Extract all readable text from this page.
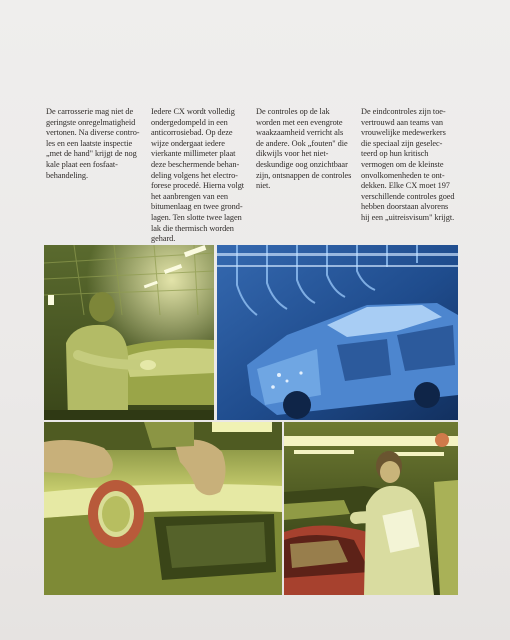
De carrosserie mag niet de
geringste onregelmatigheid
vertonen. Na diverse contro-
les en een laatste inspectie
„met de hand" krijgt de nog
kale plaat een fosfaat-
behandeling.
Iedere CX wordt volledig
ondergedompeld in een
anticorrosiebad. Op deze
wijze ondergaat iedere
vierkante millimeter plaat
deze beschermende behan-
deling volgens het electro-
forese procedé. Hierna volgt
het aanbrengen van een
bitumenlaag en twee grond-
lagen. Ten slotte twee lagen
lak die thermisch worden
gehard.
De controles op de lak
worden met een evengrote
waakzaamheid verricht als
de andere. Ook „fouten" die
dikwijls voor het niet-
deskundige oog onzichtbaar
zijn, ontsnappen de controles
niet.
De eindcontroles zijn toe-
vertrouwd aan teams van
vrouwelijke medewerkers
die speciaal zijn geselec-
teerd op hun kritisch
vermogen om de kleinste
onvolkomenheden te ont-
dekken. Elke CX moet 197
verschillende controles goed
hebben doorstaan alvorens
hij een „uitreisvisum" krijgt.
